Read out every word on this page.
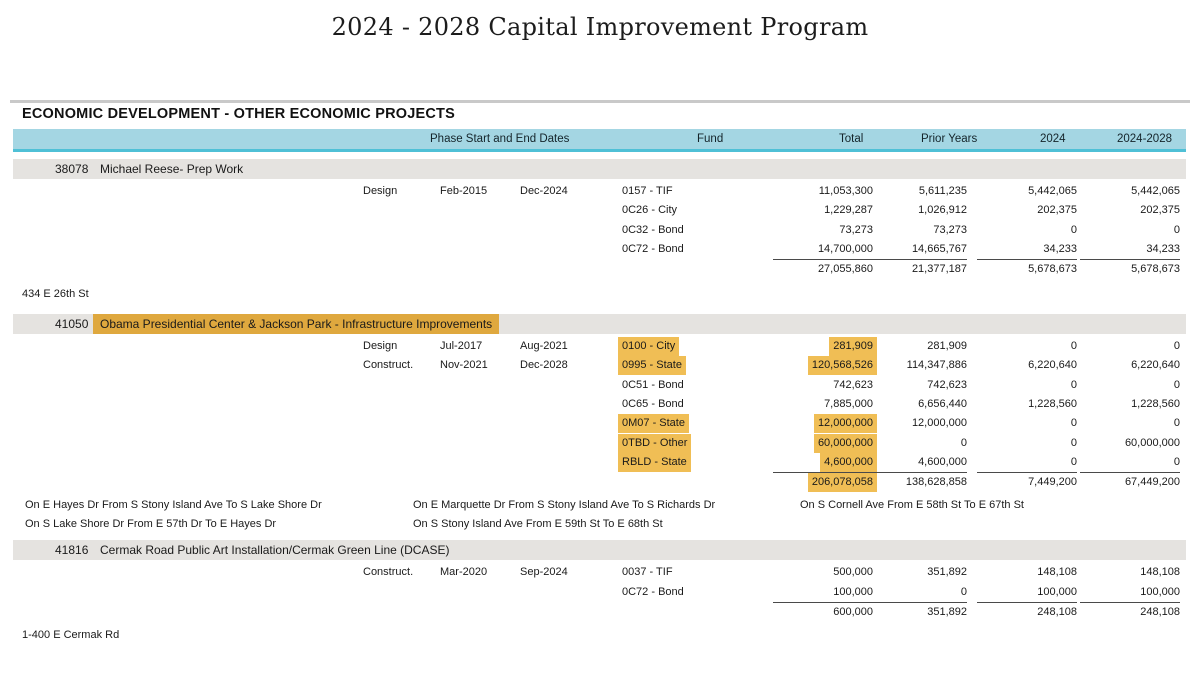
2024 - 2028 Capital Improvement Program
ECONOMIC DEVELOPMENT - OTHER ECONOMIC PROJECTS
Phase Start and End Dates	Fund	Total	Prior Years	2024	2024-2028
38078 Michael Reese- Prep Work
Design	Feb-2015	Dec-2024	0157 - TIF	11,053,300	5,611,235	5,442,065	5,442,065
0C26 - City	1,229,287	1,026,912	202,375	202,375
0C32 - Bond	73,273	73,273	0	0
0C72 - Bond	14,700,000	14,665,767	34,233	34,233
27,055,860	21,377,187	5,678,673	5,678,673
434 E 26th St
41050 Obama Presidential Center & Jackson Park - Infrastructure Improvements
Design	Jul-2017	Aug-2021	0100 - City	281,909	281,909	0	0
Construct. Nov-2021	Dec-2028	0995 - State	120,568,526	114,347,886	6,220,640	6,220,640
0C51 - Bond	742,623	742,623	0	0
0C65 - Bond	7,885,000	6,656,440	1,228,560	1,228,560
0M07 - State	12,000,000	12,000,000	0	0
0TBD - Other	60,000,000	0	0	60,000,000
RBLD - State	4,600,000	4,600,000	0	0
206,078,058	138,628,858	7,449,200	67,449,200
On E Hayes Dr From S Stony Island Ave To S Lake Shore Dr	On E Marquette Dr From S Stony Island Ave To S Richards Dr	On S Cornell Ave From E 58th St To E 67th St
On S Lake Shore Dr From E 57th Dr To E Hayes Dr	On S Stony Island Ave From E 59th St To E 68th St
41816 Cermak Road Public Art Installation/Cermak Green Line (DCASE)
Construct. Mar-2020	Sep-2024	0037 - TIF	500,000	351,892	148,108	148,108
0C72 - Bond	100,000	0	100,000	100,000
600,000	351,892	248,108	248,108
1-400 E Cermak Rd
